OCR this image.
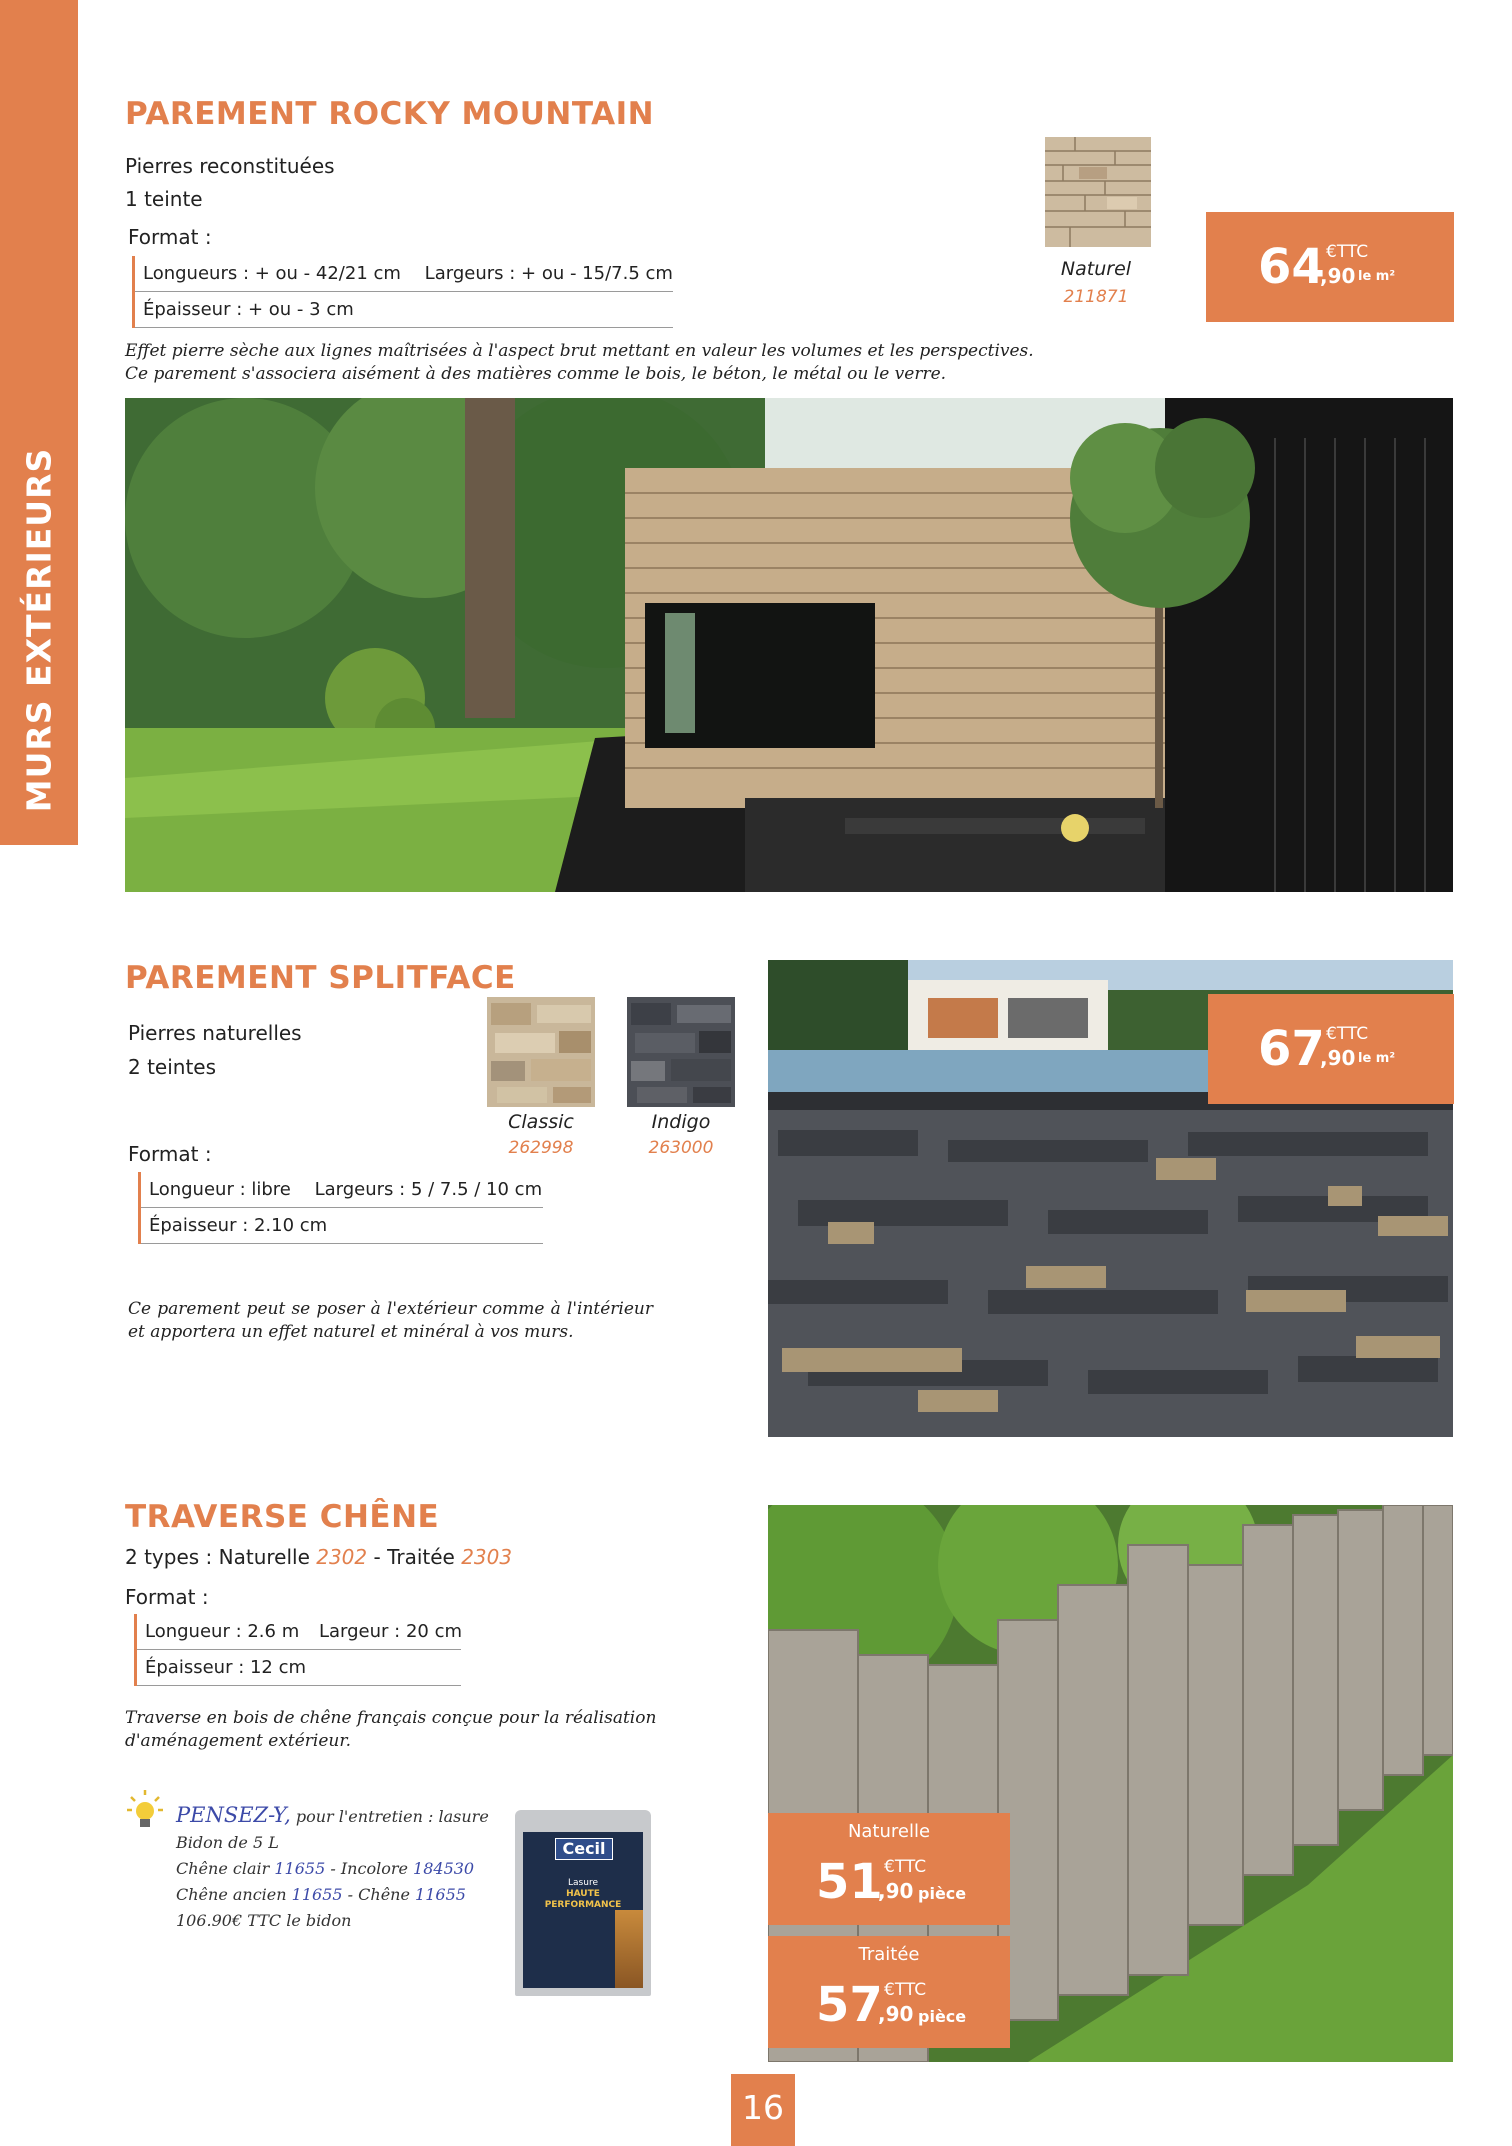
MURS EXTÉRIEURS
PAREMENT ROCKY MOUNTAIN
Pierres reconstituées
1 teinte
Format :
Longueurs : + ou - 42/21 cm Largeurs : + ou - 15/7.5 cm
Épaisseur : + ou - 3 cm
Naturel
211871
64 €TTC
,90 le m²
Effet pierre sèche aux lignes maîtrisées à l'aspect brut mettant en valeur les volumes et les perspectives.
Ce parement s'associera aisément à des matières comme le bois, le béton, le métal ou le verre.
PAREMENT SPLITFACE
Pierres naturelles
2 teintes
Classic
262998
Indigo
263000
Format :
Longueur : libre Largeurs : 5 / 7.5 / 10 cm
Épaisseur : 2.10 cm
Ce parement peut se poser à l'extérieur comme à l'intérieur et apportera un effet naturel et minéral à vos murs.
67 €TTC
,90 le m²
TRAVERSE CHÊNE
2 types : Naturelle 2302 - Traitée 2303
Format :
Longueur : 2.6 m Largeur : 20 cm
Épaisseur : 12 cm
Traverse en bois de chêne français conçue pour la réalisation d'aménagement extérieur.
PENSEZ-Y, pour l'entretien : lasure
Bidon de 5 L
Chêne clair 11655 - Incolore 184530
Chêne ancien 11655 - Chêne 11655
106.90€ TTC le bidon
Cecil
Lasure
HAUTE
PERFORMANCE
Naturelle
51 €TTC
,90 pièce
Traitée
57 €TTC
,90 pièce
16
